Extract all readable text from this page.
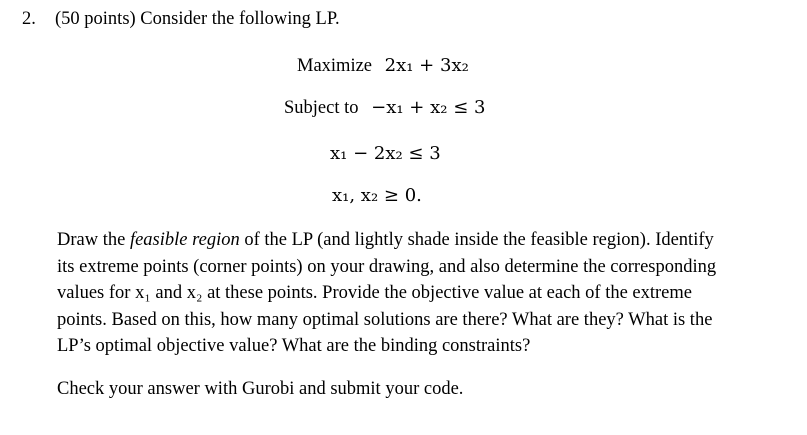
2. (50 points) Consider the following LP.
Maximize 2x₁ + 3x₂
Subject to −x₁ + x₂ ≤ 3
x₁ − 2x₂ ≤ 3
x₁, x₂ ≥ 0.
Draw the feasible region of the LP (and lightly shade inside the feasible region). Identify
its extreme points (corner points) on your drawing, and also determine the corresponding
values for x₁ and x₂ at these points. Provide the objective value at each of the extreme
points. Based on this, how many optimal solutions are there? What are they? What is the
LP’s optimal objective value? What are the binding constraints?
Check your answer with Gurobi and submit your code.
